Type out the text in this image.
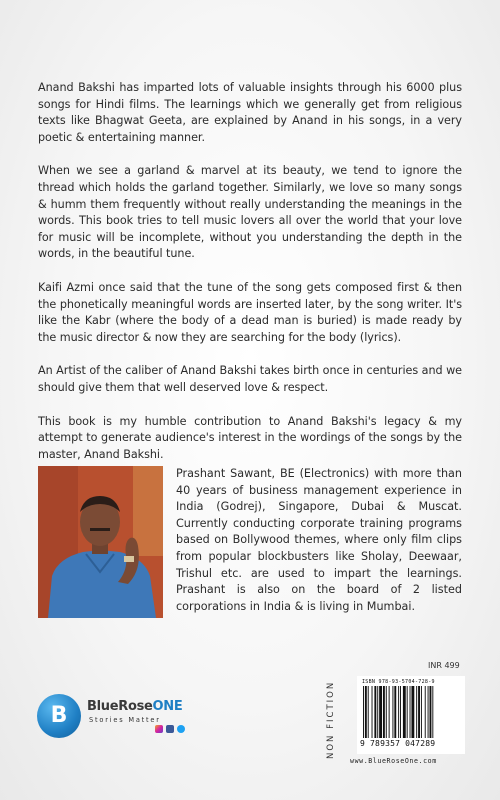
Anand Bakshi has imparted lots of valuable insights through his 6000 plus songs for Hindi films. The learnings which we generally get from religious texts like Bhagwat Geeta, are explained by Anand in his songs, in a very poetic & entertaining manner.

When we see a garland & marvel at its beauty, we tend to ignore the thread which holds the garland together. Similarly, we love so many songs & humm them frequently without really understanding the meanings in the words. This book tries to tell music lovers all over the world that your love for music will be incomplete, without you understanding the depth in the words, in the beautiful tune.

Kaifi Azmi once said that the tune of the song gets composed first & then the phonetically meaningful words are inserted later, by the song writer. It's like the Kabr (where the body of a dead man is buried) is made ready by the music director & now they are searching for the body (lyrics).

An Artist of the caliber of Anand Bakshi takes birth once in centuries and we should give them that well deserved love & respect.

This book is my humble contribution to Anand Bakshi's legacy & my attempt to generate audience's interest in the wordings of the songs by the master, Anand Bakshi.

Prashant Sawant, BE (Electronics) with more than 40 years of business management experience in India (Godrej), Singapore, Dubai & Muscat. Currently conducting corporate training programs based on Bollywood themes, where only film clips from popular blockbusters like Sholay, Deewaar, Trishul etc. are used to impart the learnings. Prashant is also on the board of 2 listed corporations in India & is living in Mumbai.

INR 499
NON FICTION	ISBN 978-93-5704-728-9
9 789357 047289
www.BlueRoseOne.com
B	BlueRoseONE
Stories Matter
